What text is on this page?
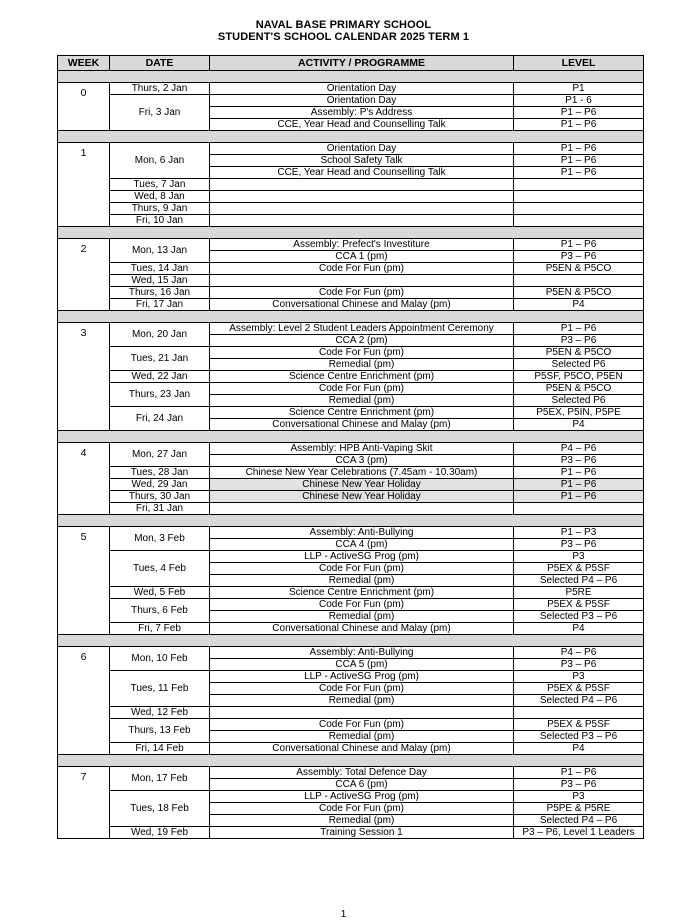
NAVAL BASE PRIMARY SCHOOL
STUDENT'S SCHOOL CALENDAR 2025 TERM 1
WEEK	DATE	ACTIVITY / PROGRAMME	LEVEL

0	Thurs, 2 Jan	Orientation Day	P1
	Fri, 3 Jan	Orientation Day	P1 - 6
		Assembly: P's Address	P1 – P6
		CCE, Year Head and Counselling Talk	P1 – P6

1	Mon, 6 Jan	Orientation Day	P1 – P6
		School Safety Talk	P1 – P6
		CCE, Year Head and Counselling Talk	P1 – P6
	Tues, 7 Jan		
	Wed, 8 Jan		
	Thurs, 9 Jan		
	Fri, 10 Jan		

2	Mon, 13 Jan	Assembly: Prefect's Investiture	P1 – P6
		CCA 1 (pm)	P3 – P6
	Tues, 14 Jan	Code For Fun (pm)	P5EN & P5CO
	Wed, 15 Jan		
	Thurs, 16 Jan	Code For Fun (pm)	P5EN & P5CO
	Fri, 17 Jan	Conversational Chinese and Malay (pm)	P4

3	Mon, 20 Jan	Assembly: Level 2 Student Leaders Appointment Ceremony	P1 – P6
		CCA 2 (pm)	P3 – P6
	Tues, 21 Jan	Code For Fun (pm)	P5EN & P5CO
		Remedial (pm)	Selected P6
	Wed, 22 Jan	Science Centre Enrichment (pm)	P5SF, P5CO, P5EN
	Thurs, 23 Jan	Code For Fun (pm)	P5EN & P5CO
		Remedial (pm)	Selected P6
	Fri, 24 Jan	Science Centre Enrichment (pm)	P5EX, P5IN, P5PE
		Conversational Chinese and Malay (pm)	P4

4	Mon, 27 Jan	Assembly: HPB Anti-Vaping Skit	P4 – P6
		CCA 3 (pm)	P3 – P6
	Tues, 28 Jan	Chinese New Year Celebrations (7.45am - 10.30am)	P1 – P6
	Wed, 29 Jan	Chinese New Year Holiday	P1 – P6
	Thurs, 30 Jan	Chinese New Year Holiday	P1 – P6
	Fri, 31 Jan		

5	Mon, 3 Feb	Assembly: Anti-Bullying	P1 – P3
		CCA 4 (pm)	P3 – P6
	Tues, 4 Feb	LLP - ActiveSG Prog (pm)	P3
		Code For Fun (pm)	P5EX & P5SF
		Remedial (pm)	Selected P4 – P6
	Wed, 5 Feb	Science Centre Enrichment (pm)	P5RE
	Thurs, 6 Feb	Code For Fun (pm)	P5EX & P5SF
		Remedial (pm)	Selected P3 – P6
	Fri, 7 Feb	Conversational Chinese and Malay (pm)	P4

6	Mon, 10 Feb	Assembly: Anti-Bullying	P4 – P6
		CCA 5 (pm)	P3 – P6
	Tues, 11 Feb	LLP - ActiveSG Prog (pm)	P3
		Code For Fun (pm)	P5EX & P5SF
		Remedial (pm)	Selected P4 – P6
	Wed, 12 Feb		
	Thurs, 13 Feb	Code For Fun (pm)	P5EX & P5SF
		Remedial (pm)	Selected P3 – P6
	Fri, 14 Feb	Conversational Chinese and Malay (pm)	P4

7	Mon, 17 Feb	Assembly: Total Defence Day	P1 – P6
		CCA 6 (pm)	P3 – P6
	Tues, 18 Feb	LLP - ActiveSG Prog (pm)	P3
		Code For Fun (pm)	P5PE & P5RE
		Remedial (pm)	Selected P4 – P6
	Wed, 19 Feb	Training Session 1	P3 – P6, Level 1 Leaders
1
